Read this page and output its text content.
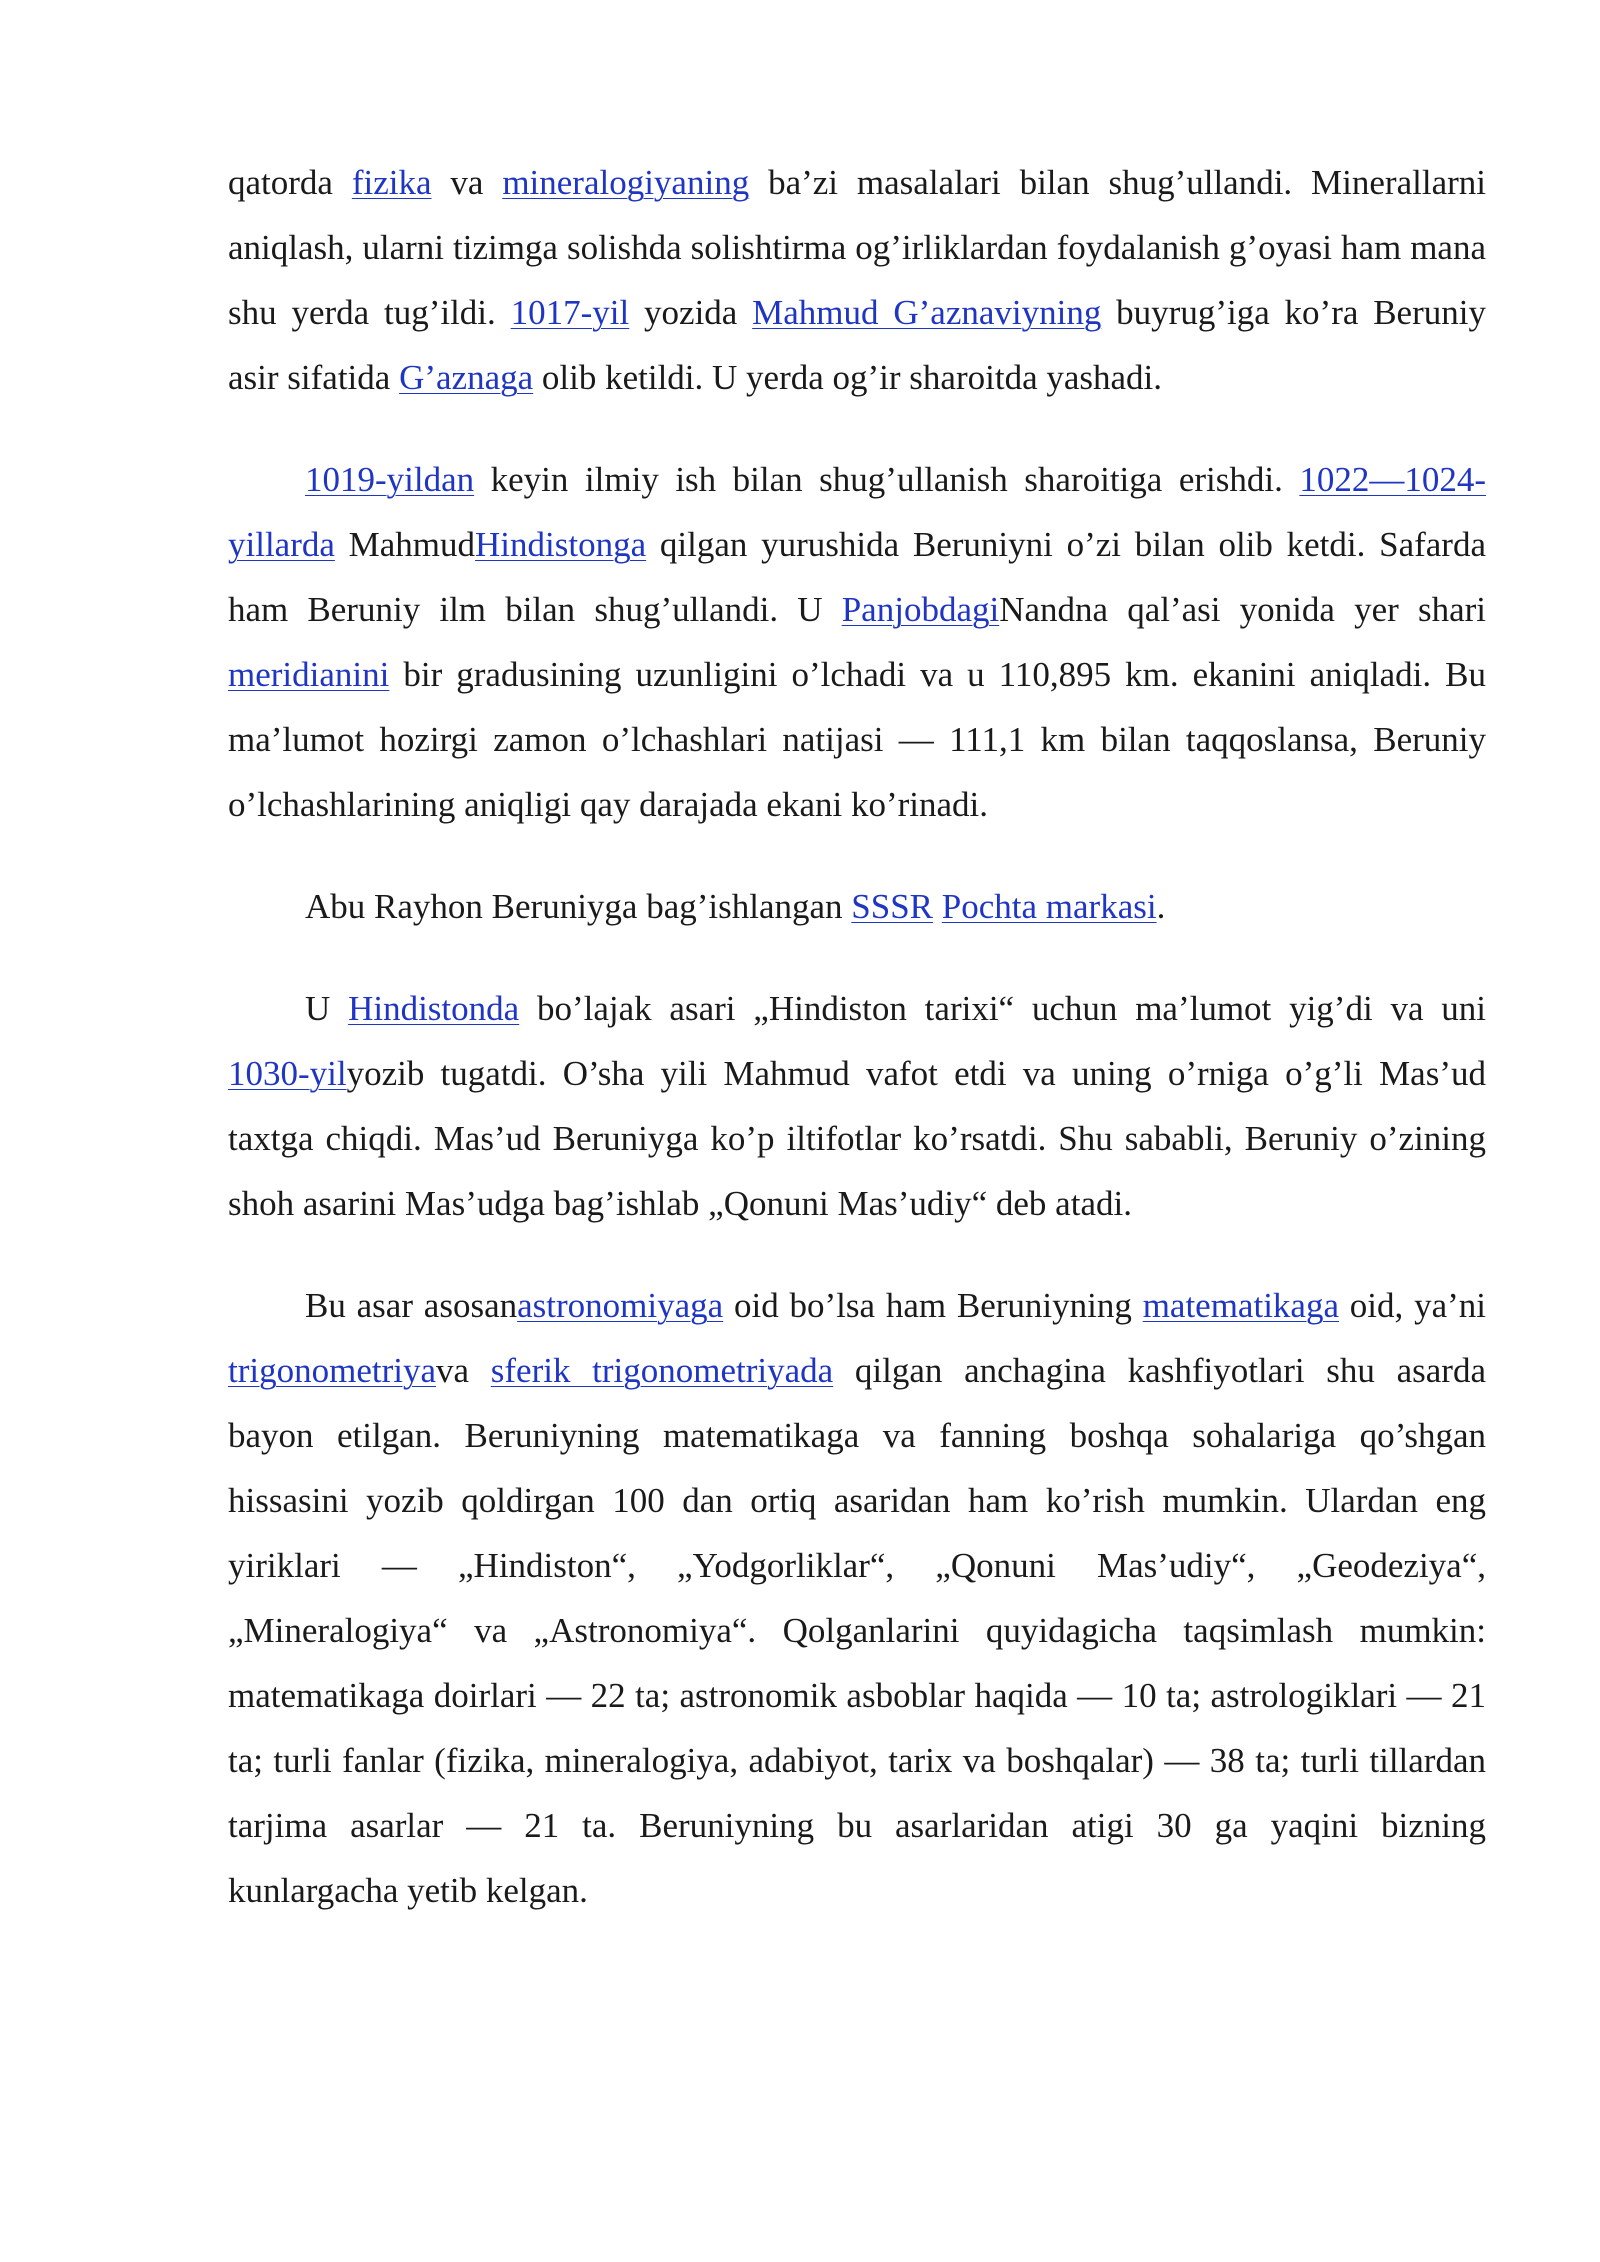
qatorda fizika va mineralogiyaning ba’zi masalalari bilan shug’ullandi. Minerallarni aniqlash, ularni tizimga solishda solishtirma og’irliklardan foydalanish g’oyasi ham mana shu yerda tug’ildi. 1017-yil yozida Mahmud G’aznaviyning buyrug’iga ko’ra Beruniy asir sifatida G’aznaga olib ketildi. U yerda og’ir sharoitda yashadi.

1019-yildan keyin ilmiy ish bilan shug’ullanish sharoitiga erishdi. 1022—1024-yillarda MahmudHindistonga qilgan yurushida Beruniyni o’zi bilan olib ketdi. Safarda ham Beruniy ilm bilan shug’ullandi. U PanjobdagiNandna qal’asi yonida yer shari meridianini bir gradusining uzunligini o’lchadi va u 110,895 km. ekanini aniqladi. Bu ma’lumot hozirgi zamon o’lchashlari natijasi — 111,1 km bilan taqqoslansa, Beruniy o’lchashlarining aniqligi qay darajada ekani ko’rinadi.

Abu Rayhon Beruniyga bag’ishlangan SSSR Pochta markasi.

U Hindistonda bo’lajak asari „Hindiston tarixi“ uchun ma’lumot yig’di va uni 1030-yilyozib tugatdi. O’sha yili Mahmud vafot etdi va uning o’rniga o’g’li Mas’ud taxtga chiqdi. Mas’ud Beruniyga ko’p iltifotlar ko’rsatdi. Shu sababli, Beruniy o’zining shoh asarini Mas’udga bag’ishlab „Qonuni Mas’udiy“ deb atadi.

Bu asar asosanastronomiyaga oid bo’lsa ham Beruniyning matematikaga oid, ya’ni trigonometriyava sferik trigonometriyada qilgan anchagina kashfiyotlari shu asarda bayon etilgan. Beruniyning matematikaga va fanning boshqa sohalariga qo’shgan hissasini yozib qoldirgan 100 dan ortiq asaridan ham ko’rish mumkin. Ulardan eng yiriklari — „Hindiston“, „Yodgorliklar“, „Qonuni Mas’udiy“, „Geodeziya“, „Mineralogiya“ va „Astronomiya“. Qolganlarini quyidagicha taqsimlash mumkin: matematikaga doirlari — 22 ta; astronomik asboblar haqida — 10 ta; astrologiklari — 21 ta; turli fanlar (fizika, mineralogiya, adabiyot, tarix va boshqalar) — 38 ta; turli tillardan tarjima asarlar — 21 ta. Beruniyning bu asarlaridan atigi 30 ga yaqini bizning kunlargacha yetib kelgan.
